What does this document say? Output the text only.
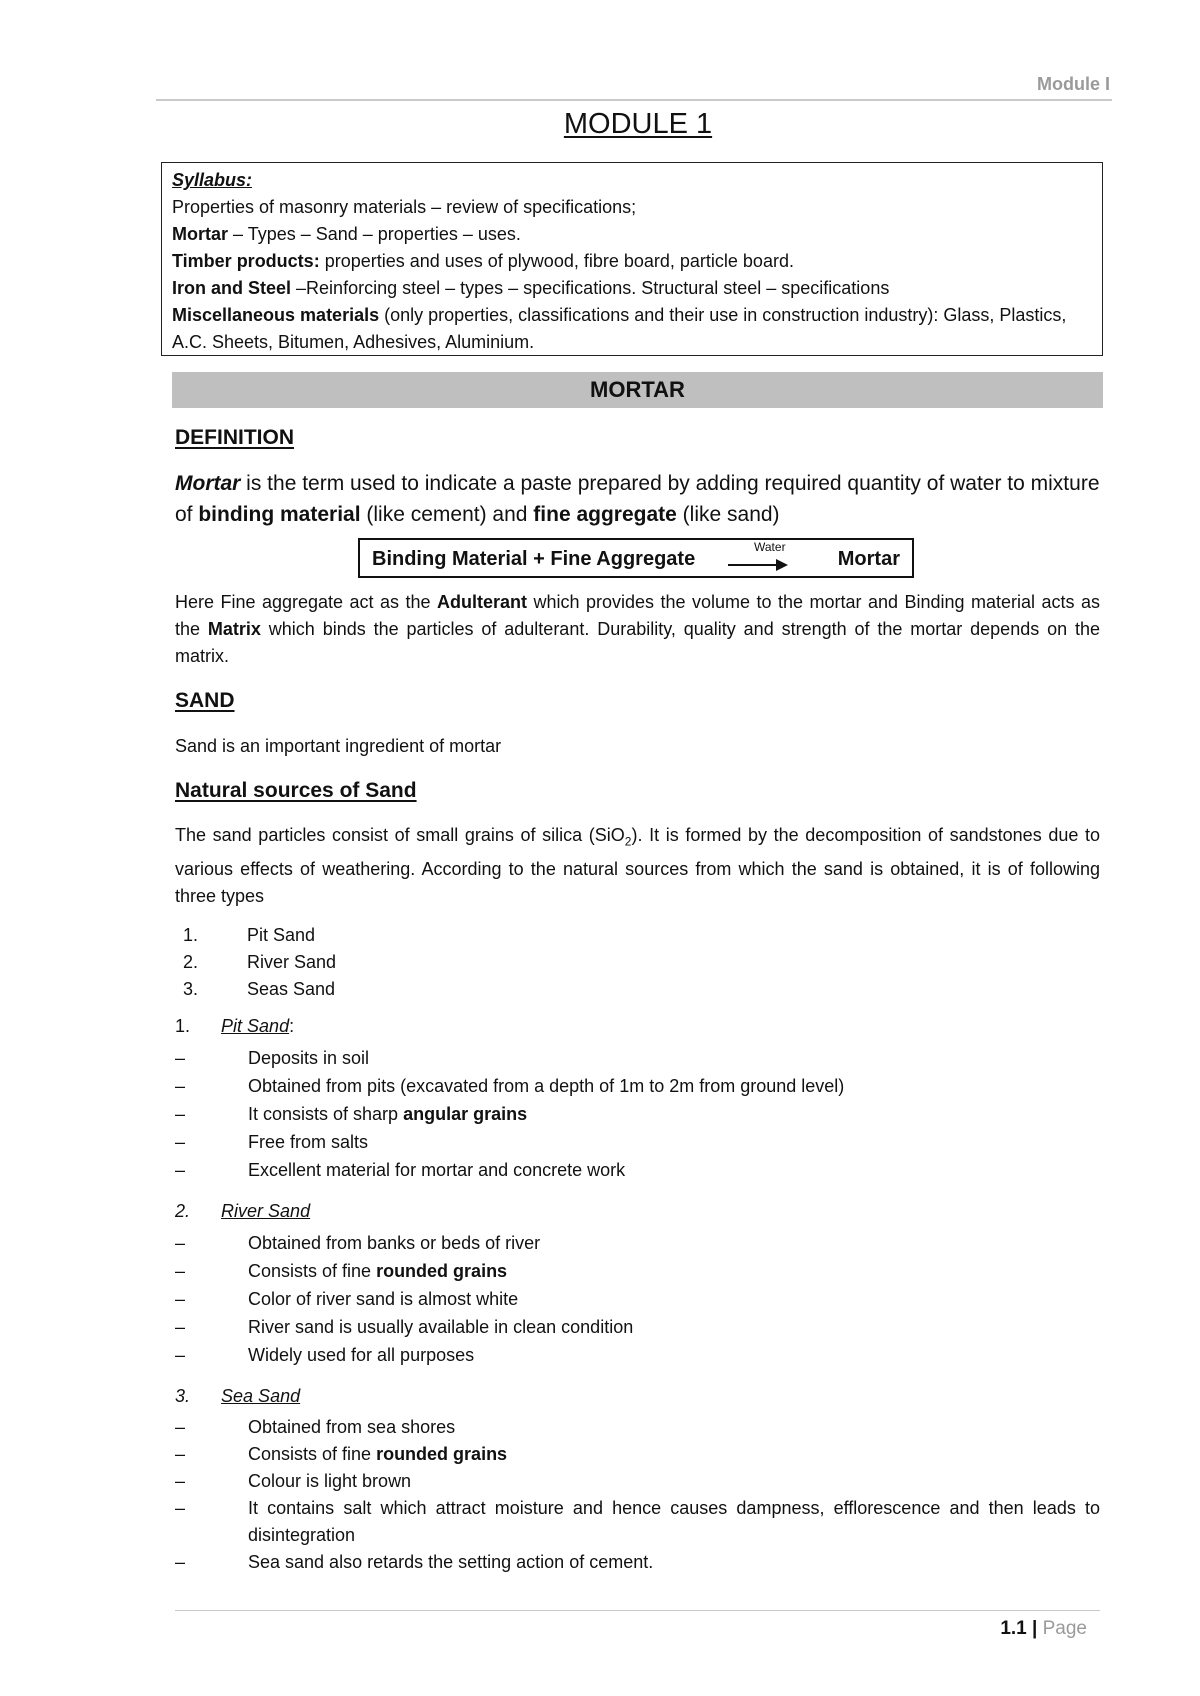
Module I
MODULE 1
Syllabus:
Properties of masonry materials – review of specifications;
Mortar – Types – Sand – properties – uses.
Timber products: properties and uses of plywood, fibre board, particle board.
Iron and Steel –Reinforcing steel – types – specifications. Structural steel – specifications
Miscellaneous materials (only properties, classifications and their use in construction industry): Glass, Plastics, A.C. Sheets, Bitumen, Adhesives, Aluminium.
MORTAR
DEFINITION
Mortar is the term used to indicate a paste prepared by adding required quantity of water to mixture of binding material (like cement) and fine aggregate (like sand)
Binding Material + Fine Aggregate
Water
Mortar
Here Fine aggregate act as the Adulterant which provides the volume to the mortar and Binding material acts as the Matrix which binds the particles of adulterant. Durability, quality and strength of the mortar depends on the matrix.
SAND
Sand is an important ingredient of mortar
Natural sources of Sand
The sand particles consist of small grains of silica (SiO$_2$). It is formed by the decomposition of sandstones due to various effects of weathering. According to the natural sources from which the sand is obtained, it is of following three types
1.	Pit Sand
2.	River Sand
3.	Seas Sand
1. Pit Sand:
–	Deposits in soil
–	Obtained from pits (excavated from a depth of 1m to 2m from ground level)
–	It consists of sharp angular grains
–	Free from salts
–	Excellent material for mortar and concrete work
2. River Sand
–	Obtained from banks or beds of river
–	Consists of fine rounded grains
–	Color of river sand is almost white
–	River sand is usually available in clean condition
–	Widely used for all purposes
3. Sea Sand
–	Obtained from sea shores
–	Consists of fine rounded grains
–	Colour is light brown
–	It contains salt which attract moisture and hence causes dampness, efflorescence and then leads to disintegration
–	Sea sand also retards the setting action of cement.
1.1 | Page
